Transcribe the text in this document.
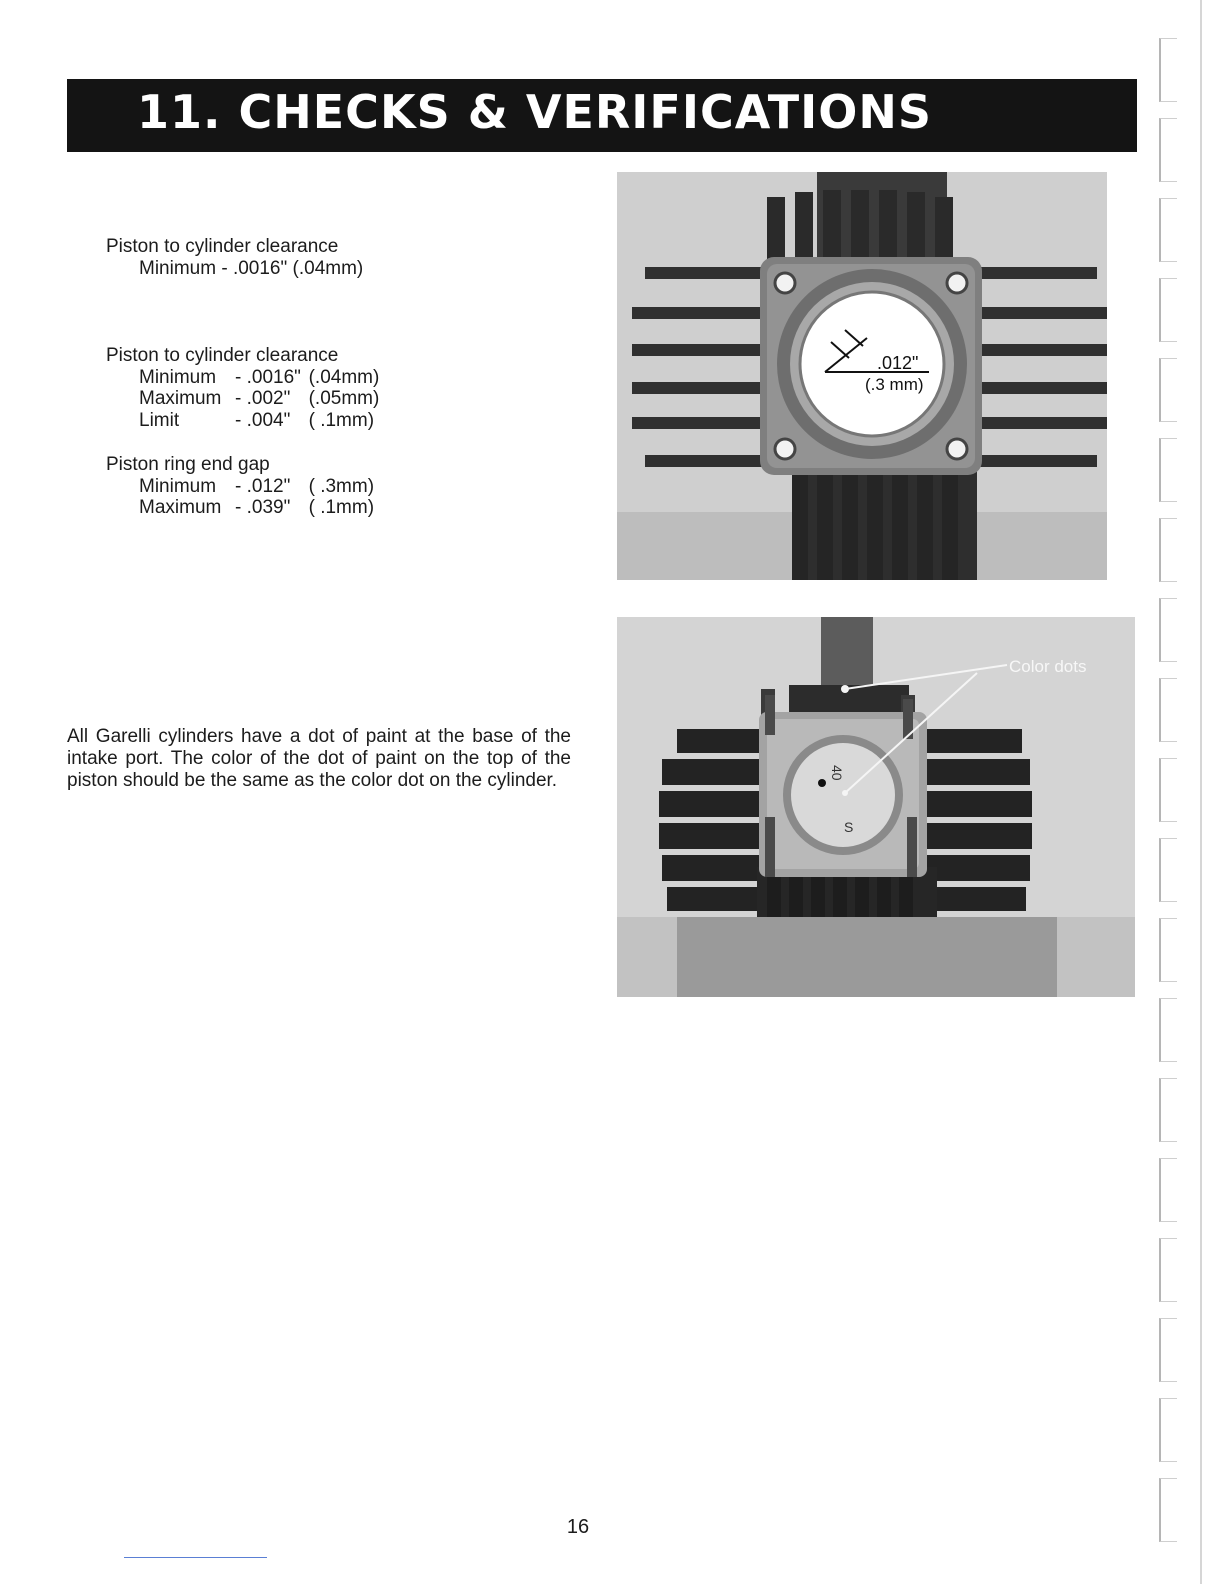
11. CHECKS & VERIFICATIONS
Piston to cylinder clearance
Minimum - .0016" (.04mm)
Piston to cylinder clearance
Minimum - .0016" (.04mm)
Maximum - .002" (.05mm)
Limit	- .004" ( .1mm)
Piston ring end gap
Minimum - .012" ( .3mm)
Maximum - .039" ( .1mm)
All Garelli cylinders have a dot of paint at the base of the intake port. The color of the dot of paint on the top of the piston should be the same as the color dot on the cylinder.
.012"
(.3 mm)
40
S
Color dots
16
